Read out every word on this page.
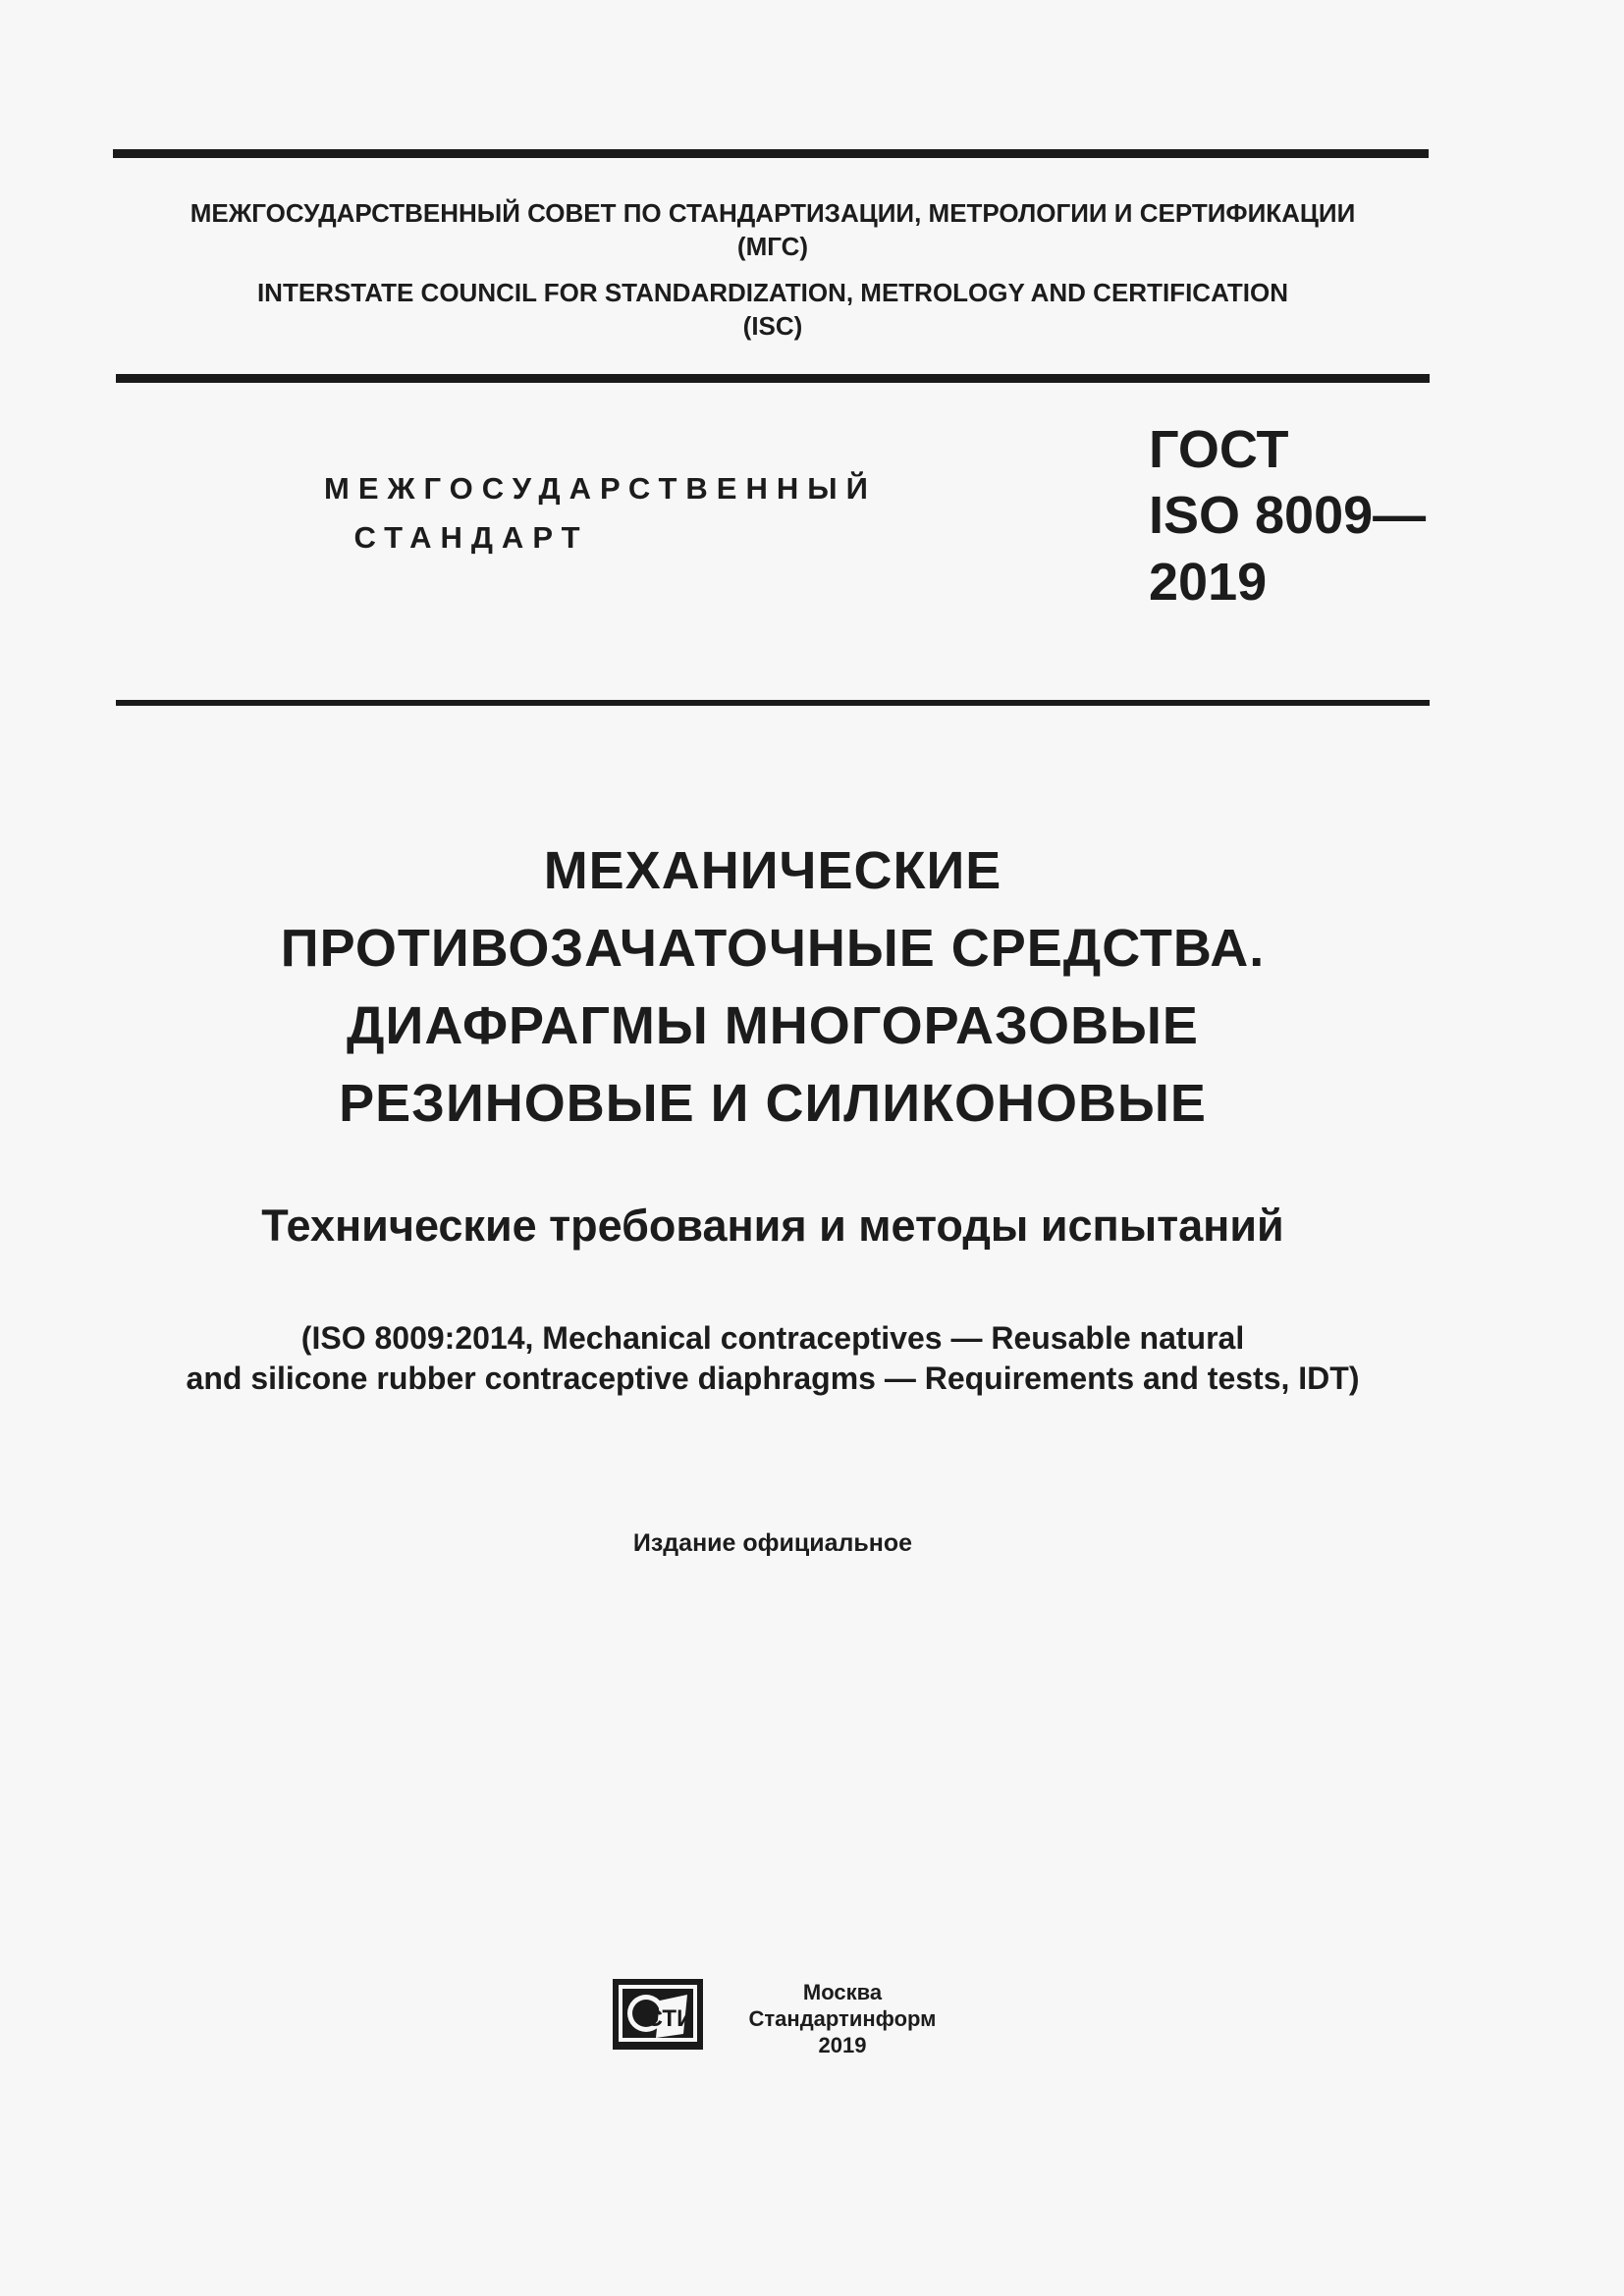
МЕЖГОСУДАРСТВЕННЫЙ СОВЕТ ПО СТАНДАРТИЗАЦИИ, МЕТРОЛОГИИ И СЕРТИФИКАЦИИ
(МГС)
INTERSTATE COUNCIL FOR STANDARDIZATION, METROLOGY AND CERTIFICATION
(ISC)
МЕЖГОСУДАРСТВЕННЫЙ
СТАНДАРТ
ГОСТ
ISO 8009—
2019
МЕХАНИЧЕСКИЕ
ПРОТИВОЗАЧАТОЧНЫЕ СРЕДСТВА.
ДИАФРАГМЫ МНОГОРАЗОВЫЕ
РЕЗИНОВЫЕ И СИЛИКОНОВЫЕ
Технические требования и методы испытаний
(ISO 8009:2014, Mechanical contraceptives — Reusable natural
and silicone rubber contraceptive diaphragms — Requirements and tests, IDT)
Издание официальное
СТИ
Москва
Стандартинформ
2019
